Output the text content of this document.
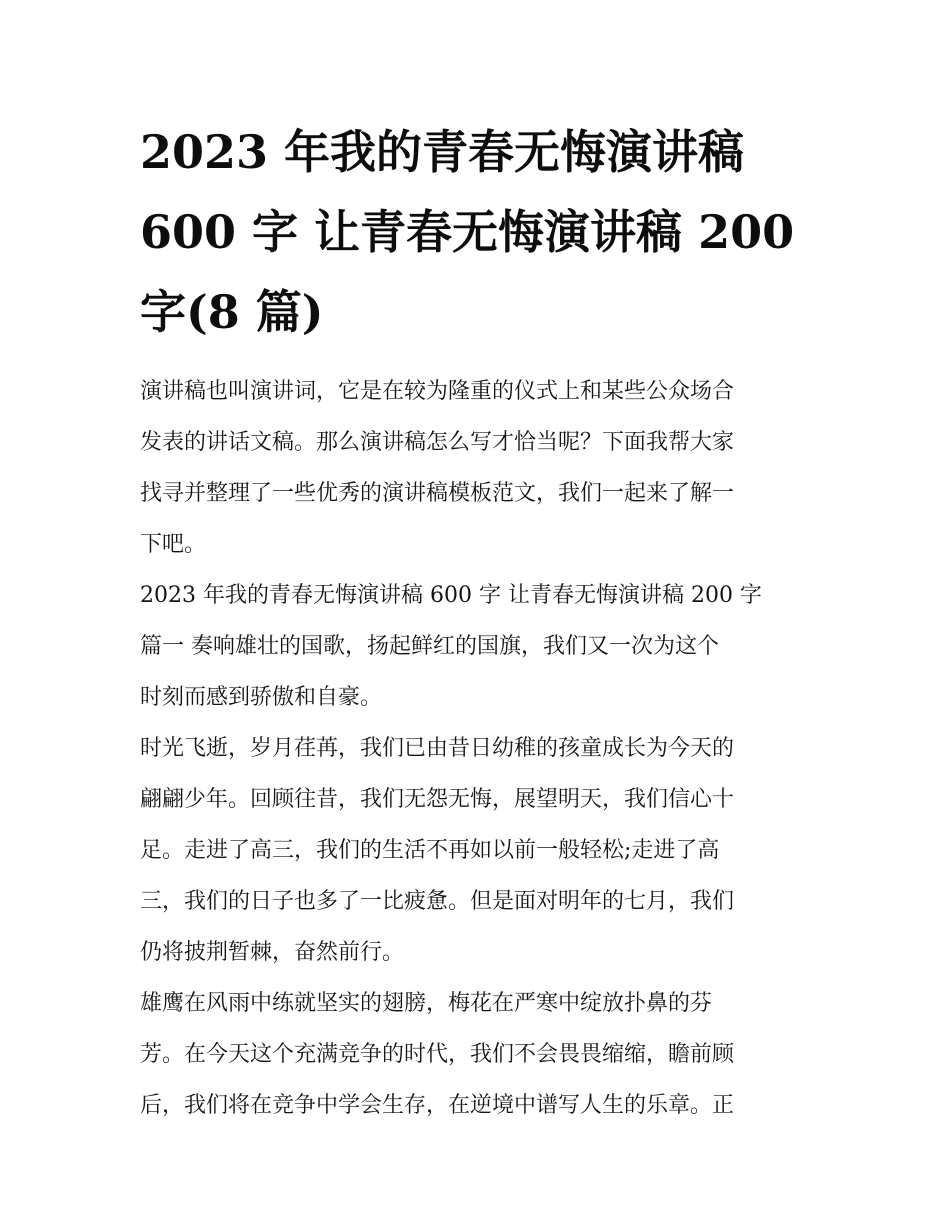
2023 年我的青春无悔演讲稿
600 字 让青春无悔演讲稿 200
字(8 篇)

演讲稿也叫演讲词，它是在较为隆重的仪式上和某些公众场合
发表的讲话文稿。那么演讲稿怎么写才恰当呢？下面我帮大家
找寻并整理了一些优秀的演讲稿模板范文，我们一起来了解一
下吧。

2023 年我的青春无悔演讲稿 600 字 让青春无悔演讲稿 200 字
篇一 奏响雄壮的国歌，扬起鲜红的国旗，我们又一次为这个
时刻而感到骄傲和自豪。

时光飞逝，岁月荏苒，我们已由昔日幼稚的孩童成长为今天的
翩翩少年。回顾往昔，我们无怨无悔，展望明天，我们信心十
足。走进了高三，我们的生活不再如以前一般轻松;走进了高
三，我们的日子也多了一比疲惫。但是面对明年的七月，我们
仍将披荆暂棘，奋然前行。

雄鹰在风雨中练就坚实的翅膀，梅花在严寒中绽放扑鼻的芬
芳。在今天这个充满竞争的时代，我们不会畏畏缩缩，瞻前顾
后，我们将在竞争中学会生存，在逆境中谱写人生的乐章。正
